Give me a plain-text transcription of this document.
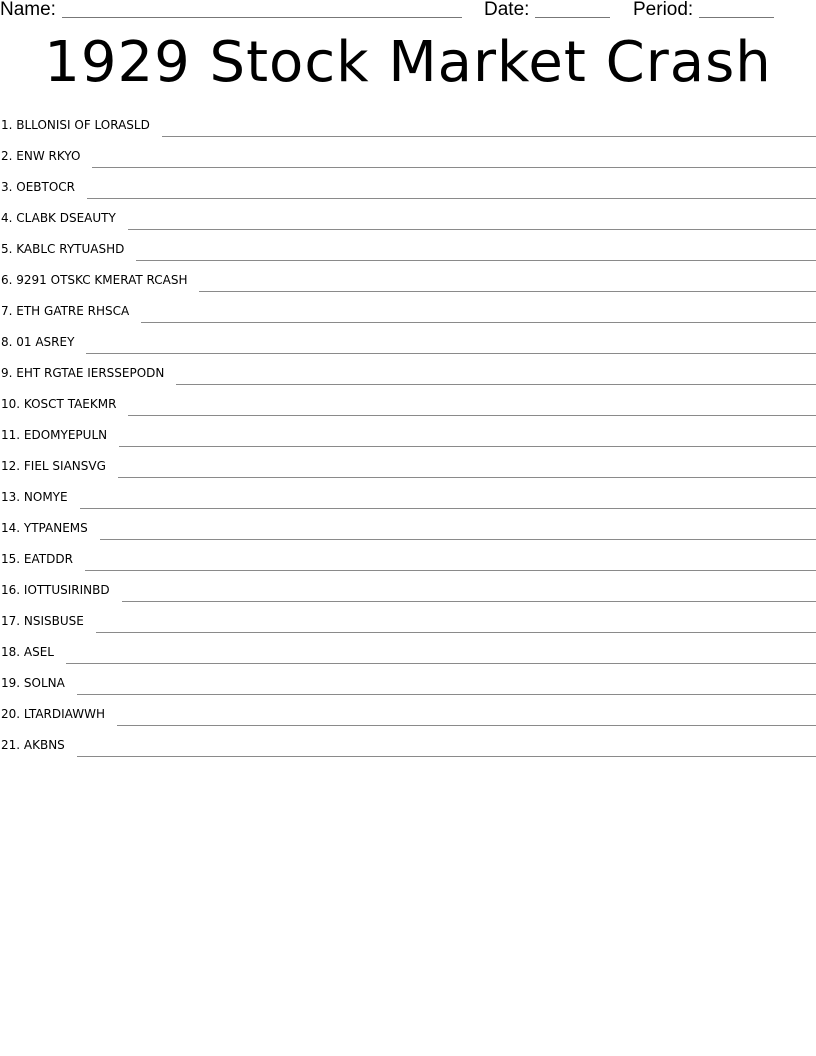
Name:	Date:	Period:
1929 Stock Market Crash
1. BLLONISI OF LORASLD
2. ENW RKYO
3. OEBTOCR
4. CLABK DSEAUTY
5. KABLC RYTUASHD
6. 9291 OTSKC KMERAT RCASH
7. ETH GATRE RHSCA
8. 01 ASREY
9. EHT RGTAE IERSSEPODN
10. KOSCT TAEKMR
11. EDOMYEPULN
12. FIEL SIANSVG
13. NOMYE
14. YTPANEMS
15. EATDDR
16. IOTTUSIRINBD
17. NSISBUSE
18. ASEL
19. SOLNA
20. LTARDIAWWH
21. AKBNS
